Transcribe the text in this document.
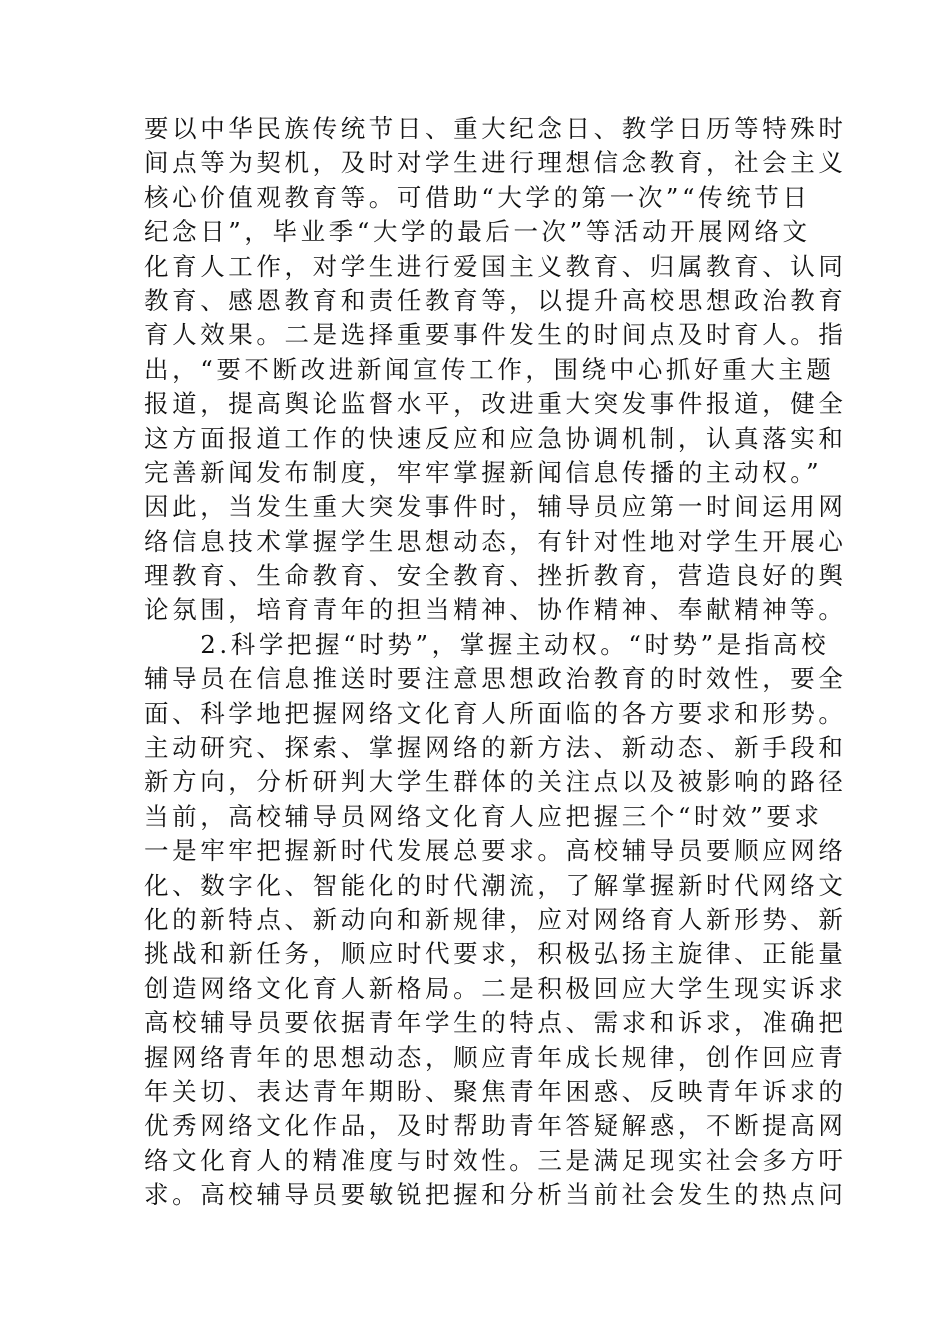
要以中华民族传统节日、重大纪念日、教学日历等特殊时
间点等为契机，及时对学生进行理想信念教育，社会主义
核心价值观教育等。可借助“大学的第一次”“传统节日
纪念日”，毕业季“大学的最后一次”等活动开展网络文
化育人工作，对学生进行爱国主义教育、归属教育、认同
教育、感恩教育和责任教育等，以提升高校思想政治教育
育人效果。二是选择重要事件发生的时间点及时育人。指
出，“要不断改进新闻宣传工作，围绕中心抓好重大主题
报道，提高舆论监督水平，改进重大突发事件报道，健全
这方面报道工作的快速反应和应急协调机制，认真落实和
完善新闻发布制度，牢牢掌握新闻信息传播的主动权。”
因此，当发生重大突发事件时，辅导员应第一时间运用网
络信息技术掌握学生思想动态，有针对性地对学生开展心
理教育、生命教育、安全教育、挫折教育，营造良好的舆
论氛围，培育青年的担当精神、协作精神、奉献精神等。
　　2.科学把握“时势”，掌握主动权。“时势”是指高校
辅导员在信息推送时要注意思想政治教育的时效性，要全
面、科学地把握网络文化育人所面临的各方要求和形势。
主动研究、探索、掌握网络的新方法、新动态、新手段和
新方向，分析研判大学生群体的关注点以及被影响的路径
当前，高校辅导员网络文化育人应把握三个“时效”要求
一是牢牢把握新时代发展总要求。高校辅导员要顺应网络
化、数字化、智能化的时代潮流，了解掌握新时代网络文
化的新特点、新动向和新规律，应对网络育人新形势、新
挑战和新任务，顺应时代要求，积极弘扬主旋律、正能量
创造网络文化育人新格局。二是积极回应大学生现实诉求
高校辅导员要依据青年学生的特点、需求和诉求，准确把
握网络青年的思想动态，顺应青年成长规律，创作回应青
年关切、表达青年期盼、聚焦青年困惑、反映青年诉求的
优秀网络文化作品，及时帮助青年答疑解惑，不断提高网
络文化育人的精准度与时效性。三是满足现实社会多方吁
求。高校辅导员要敏锐把握和分析当前社会发生的热点问
